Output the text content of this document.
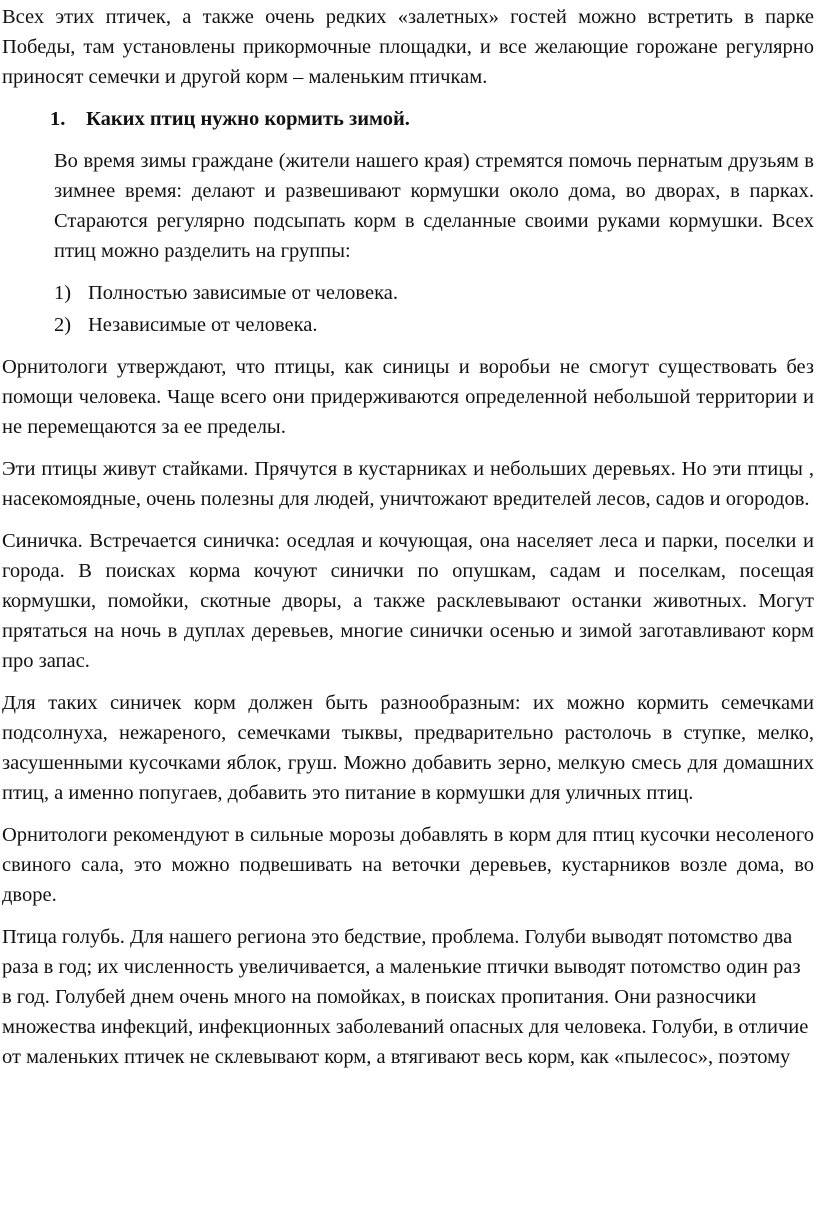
Всех этих птичек, а также очень редких «залетных» гостей можно встретить в парке Победы, там установлены прикормочные площадки, и все желающие горожане регулярно приносят семечки и другой корм – маленьким птичкам.

1. Каких птиц нужно кормить зимой.

Во время зимы граждане (жители нашего края) стремятся помочь пернатым друзьям в зимнее время: делают и развешивают кормушки около дома, во дворах, в парках. Стараются регулярно подсыпать корм в сделанные своими руками кормушки. Всех птиц можно разделить на группы:

1) Полностью зависимые от человека.
2) Независимые от человека.

Орнитологи утверждают, что птицы, как синицы и воробьи не смогут существовать без помощи человека. Чаще всего они придерживаются определенной небольшой территории и не перемещаются за ее пределы.

Эти птицы живут стайками. Прячутся в кустарниках и небольших деревьях. Но эти птицы , насекомоядные, очень полезны для людей, уничтожают вредителей лесов, садов и огородов.

Синичка. Встречается синичка: оседлая и кочующая, она населяет леса и парки, поселки и города. В поисках корма кочуют синички по опушкам, садам и поселкам, посещая кормушки, помойки, скотные дворы, а также расклевывают останки животных. Могут прятаться на ночь в дуплах деревьев, многие синички осенью и зимой заготавливают корм про запас.

Для таких синичек корм должен быть разнообразным: их можно кормить семечками подсолнуха, нежареного, семечками тыквы, предварительно растолочь в ступке, мелко, засушенными кусочками яблок, груш. Можно добавить зерно, мелкую смесь для домашних птиц, а именно попугаев, добавить это питание в кормушки для уличных птиц.

Орнитологи рекомендуют в сильные морозы добавлять в корм для птиц кусочки несоленого свиного сала, это можно подвешивать на веточки деревьев, кустарников возле дома, во дворе.

Птица голубь. Для нашего региона это бедствие, проблема. Голуби выводят потомство два раза в год; их численность увеличивается, а маленькие птички выводят потомство один раз в год. Голубей днем очень много на помойках, в поисках пропитания. Они разносчики множества инфекций, инфекционных заболеваний опасных для человека. Голуби, в отличие от маленьких птичек не склевывают корм, а втягивают весь корм, как «пылесос», поэтому
